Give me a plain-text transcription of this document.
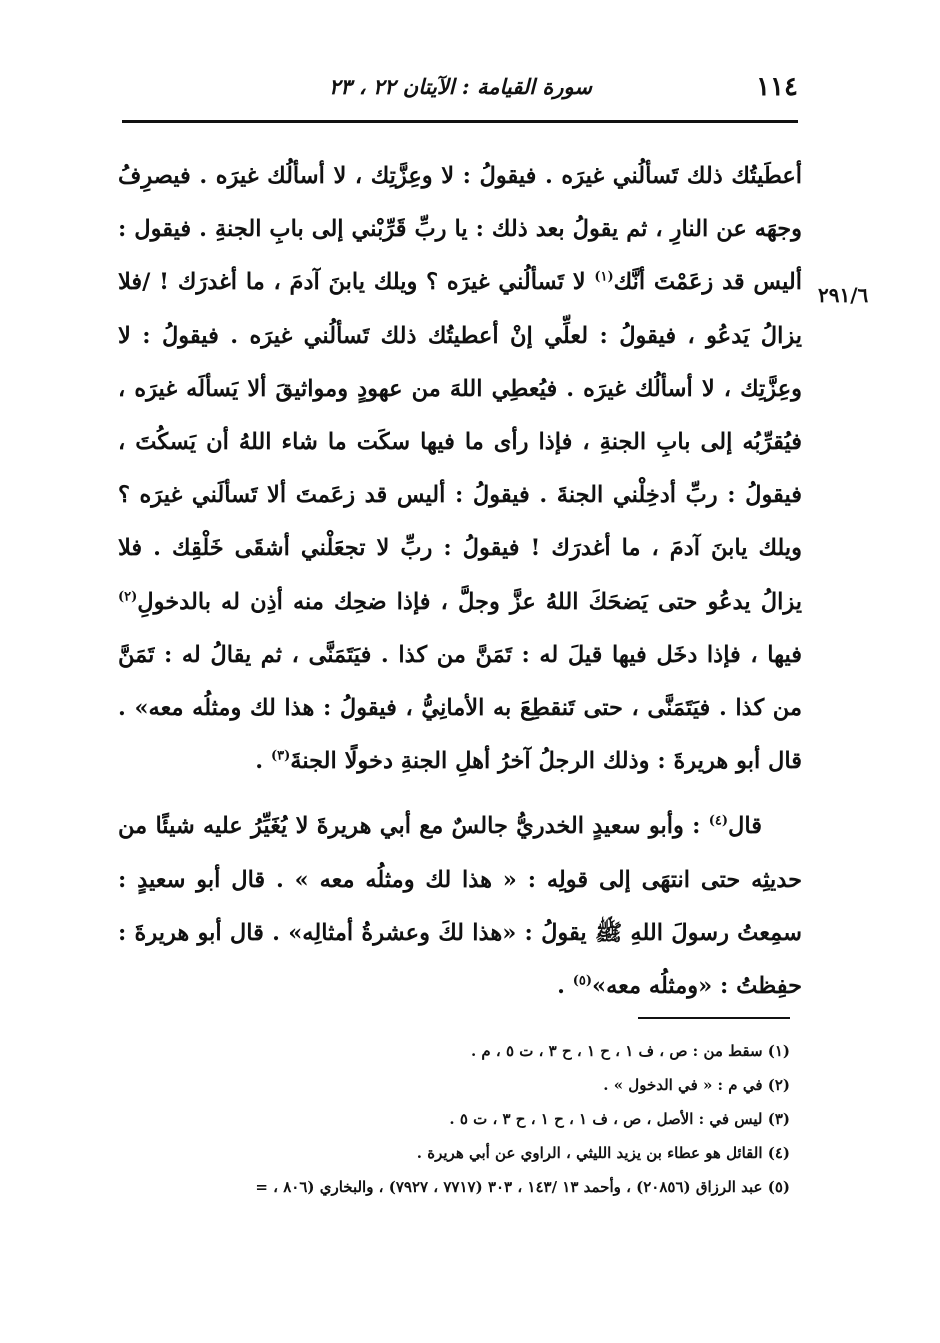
١١٤
سورة القيامة : الآيتان ٢٢ ، ٢٣
٢٩١/٦

أعطَيتُك ذلك تَسألُني غيرَه . فيقولُ : لا وعِزَّتِك ، لا أسألُك غيرَه . فيصرِفُ وجهَه عن النارِ ، ثم يقولُ بعد ذلك : يا ربِّ قَرِّبْني إلى بابِ الجنةِ . فيقول : أليس قد زعَمْتَ أنَّك$^{(١)}$ لا تَسألُني غيرَه ؟ ويلك يابنَ آدمَ ، ما أغدرَك ! /فلا يزالُ يَدعُو ، فيقولُ : لعلِّي إنْ أعطيتُك ذلك تَسألُني غيرَه . فيقولُ : لا وعِزَّتِك ، لا أسألُك غيرَه . فيُعطِي اللهَ من عهودٍ ومواثيقَ ألا يَسألَه غيرَه ، فيُقرِّبُه إلى بابِ الجنةِ ، فإذا رأى ما فيها سكَت ما شاء اللهُ أن يَسكُتَ ، فيقولُ : ربِّ أدخِلْني الجنةَ . فيقولُ : أليس قد زعَمتَ ألا تَسألَني غيرَه ؟ ويلك يابنَ آدمَ ، ما أغدرَك ! فيقولُ : ربِّ لا تجعَلْني أشقَى خَلْقِك . فلا يزالُ يدعُو حتى يَضحَكَ اللهُ عزَّ وجلَّ ، فإذا ضحِك منه أذِن له بالدخولِ$^{(٢)}$ فيها ، فإذا دخَل فيها قيلَ له : تَمَنَّ من كذا . فيَتَمَنَّى ، ثم يقالُ له : تَمَنَّ من كذا . فيَتَمَنَّى ، حتى تَنقطِعَ به الأمانِيُّ ، فيقولُ : هذا لك ومثلُه معه» . قال أبو هريرةَ : وذلك الرجلُ آخرُ أهلِ الجنةِ دخولًا الجنةَ$^{(٣)}$ .

قال$^{(٤)}$ : وأبو سعيدٍ الخدريُّ جالسٌ مع أبي هريرةَ لا يُغَيِّرُ عليه شيئًا من حديثِه حتى انتهَى إلى قولِه : « هذا لك ومثلُه معه » . قال أبو سعيدٍ : سمِعتُ رسولَ اللهِ ﷺ يقولُ : «هذا لكَ وعشرةُ أمثالِه» . قال أبو هريرةَ : حفِظتُ : «ومثلُه معه»$^{(٥)}$ .

(١) سقط من : ص ، ف ١ ، ح ١ ، ح ٣ ، ت ٥ ، م .

(٢) في م : « في الدخول » .

(٣) ليس في : الأصل ، ص ، ف ١ ، ح ١ ، ح ٣ ، ت ٥ .

(٤) القائل هو عطاء بن يزيد الليثي ، الراوي عن أبي هريرة .

(٥) عبد الرزاق (٢٠٨٥٦) ، وأحمد ١٣ /١٤٣ ، ٣٠٣ (٧٧١٧ ، ٧٩٢٧) ، والبخاري (٨٠٦ ، =
